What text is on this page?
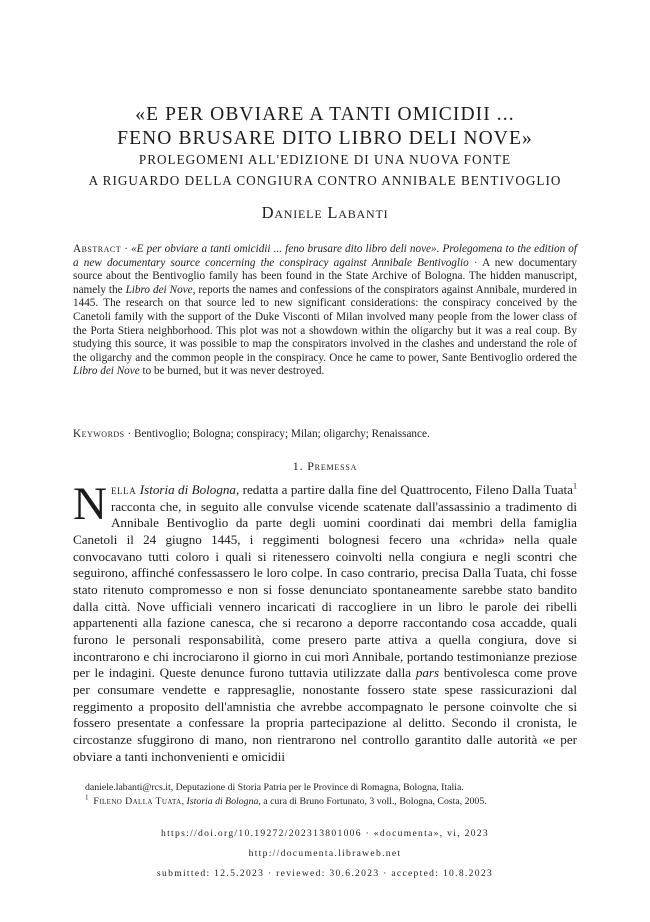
«E PER OBVIARE A TANTI OMICIDII ...
FENO BRUSARE DITO LIBRO DELI NOVE»
PROLEGOMENI ALL'EDIZIONE DI UNA NUOVA FONTE
A RIGUARDO DELLA CONGIURA CONTRO ANNIBALE BENTIVOGLIO
Daniele Labanti
Abstract · «E per obviare a tanti omicidii ... feno brusare dito libro deli nove». Prolegomena to the edition of a new documentary source concerning the conspiracy against Annibale Bentivoglio · A new documentary source about the Bentivoglio family has been found in the State Archive of Bologna. The hidden manuscript, namely the Libro dei Nove, reports the names and confessions of the conspirators against Annibale, murdered in 1445. The research on that source led to new significant considerations: the conspiracy conceived by the Canetoli family with the support of the Duke Visconti of Milan involved many people from the lower class of the Porta Stiera neighborhood. This plot was not a showdown within the oligarchy but it was a real coup. By studying this source, it was possible to map the conspirators involved in the clashes and understand the role of the oligarchy and the common people in the conspiracy. Once he came to power, Sante Bentivoglio ordered the Libro dei Nove to be burned, but it was never destroyed.
Keywords · Bentivoglio; Bologna; conspiracy; Milan; oligarchy; Renaissance.
1. Premessa
Nella Istoria di Bologna, redatta a partire dalla fine del Quattrocento, Fileno Dalla Tuata$^1$ racconta che, in seguito alle convulse vicende scatenate dall'assassinio a tradimento di Annibale Bentivoglio da parte degli uomini coordinati dai membri della famiglia Canetoli il 24 giugno 1445, i reggimenti bolognesi fecero una «chrida» nella quale convocavano tutti coloro i quali si ritenessero coinvolti nella congiura e negli scontri che seguirono, affinché confessassero le loro colpe. In caso contrario, precisa Dalla Tuata, chi fosse stato ritenuto compromesso e non si fosse denunciato spontaneamente sarebbe stato bandito dalla città. Nove ufficiali vennero incaricati di raccogliere in un libro le parole dei ribelli appartenenti alla fazione canesca, che si recarono a deporre raccontando cosa accadde, quali furono le personali responsabilità, come presero parte attiva a quella congiura, dove si incontrarono e chi incrociarono il giorno in cui morì Annibale, portando testimonianze preziose per le indagini. Queste denunce furono tuttavia utilizzate dalla pars bentivolesca come prove per consumare vendette e rappresaglie, nonostante fossero state spese rassicurazioni dal reggimento a proposito dell'amnistia che avrebbe accompagnato le persone coinvolte che si fossero presentate a confessare la propria partecipazione al delitto. Secondo il cronista, le circostanze sfuggirono di mano, non rientrarono nel controllo garantito dalle autorità «e per obviare a tanti inchonvenienti e omicidii
daniele.labanti@rcs.it, Deputazione di Storia Patria per le Province di Romagna, Bologna, Italia.
$^1$ Fileno Dalla Tuata, Istoria di Bologna, a cura di Bruno Fortunato, 3 voll., Bologna, Costa, 2005.
https://doi.org/10.19272/202313801006 · «documenta», vi, 2023
http://documenta.libraweb.net
submitted: 12.5.2023 · reviewed: 30.6.2023 · accepted: 10.8.2023
